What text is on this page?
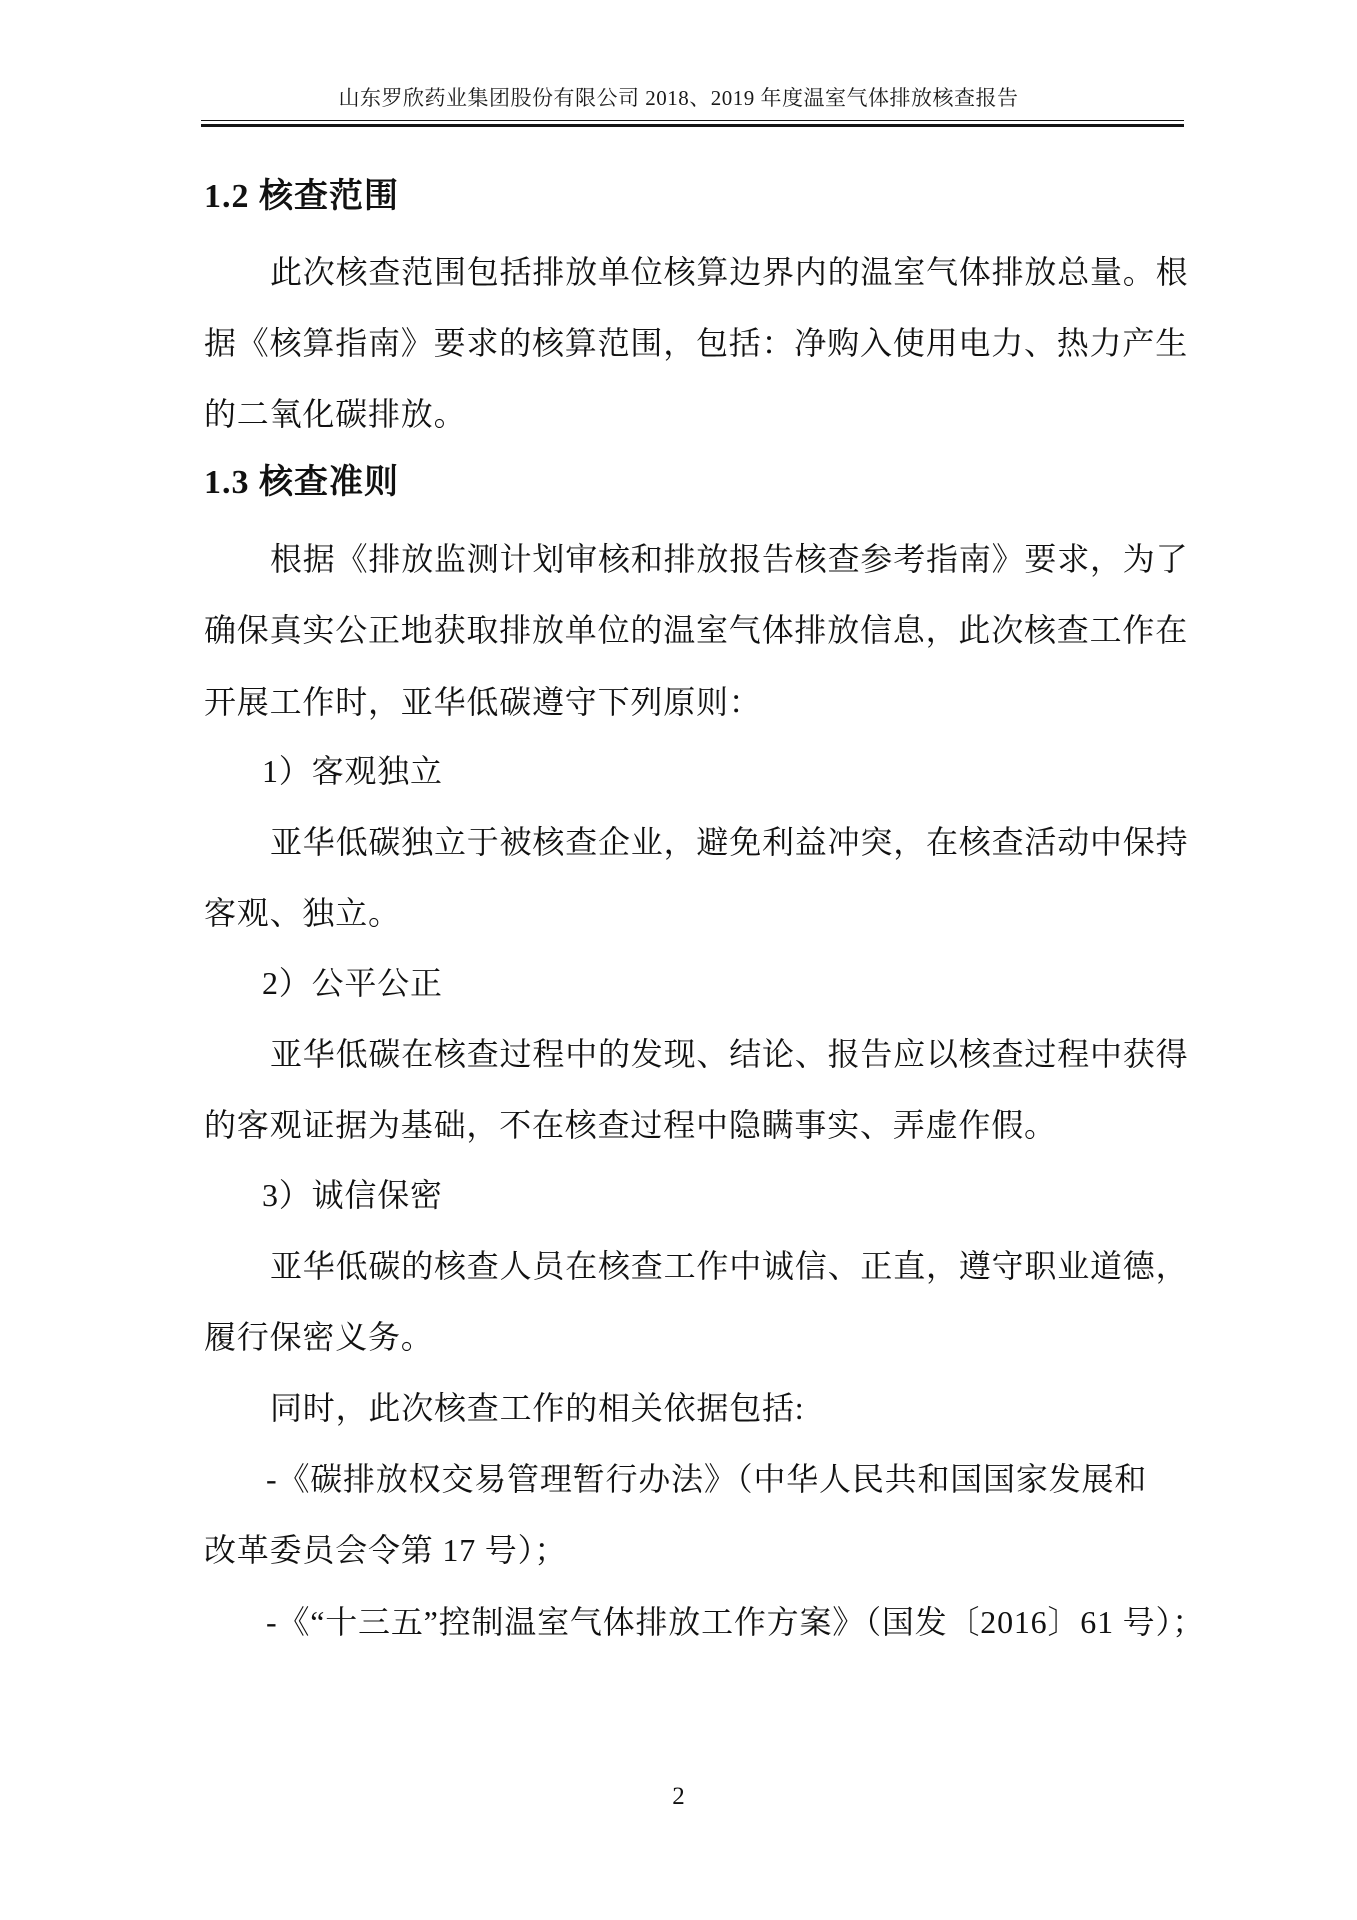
山东罗欣药业集团股份有限公司 2018、2019 年度温室气体排放核查报告
1.2 核查范围
此次核查范围包括排放单位核算边界内的温室气体排放总量。根
据《核算指南》要求的核算范围，包括：净购入使用电力、热力产生
的二氧化碳排放。
1.3 核查准则
根据《排放监测计划审核和排放报告核查参考指南》要求，为了
确保真实公正地获取排放单位的温室气体排放信息，此次核查工作在
开展工作时，亚华低碳遵守下列原则：
1）客观独立
亚华低碳独立于被核查企业，避免利益冲突，在核查活动中保持
客观、独立。
2）公平公正
亚华低碳在核查过程中的发现、结论、报告应以核查过程中获得
的客观证据为基础，不在核查过程中隐瞒事实、弄虚作假。
3）诚信保密
亚华低碳的核查人员在核查工作中诚信、正直，遵守职业道德，
履行保密义务。
同时，此次核查工作的相关依据包括:
-《碳排放权交易管理暂行办法》（中华人民共和国国家发展和
改革委员会令第 17 号）；
-《“十三五”控制温室气体排放工作方案》（国发〔2016〕61 号）；
2
